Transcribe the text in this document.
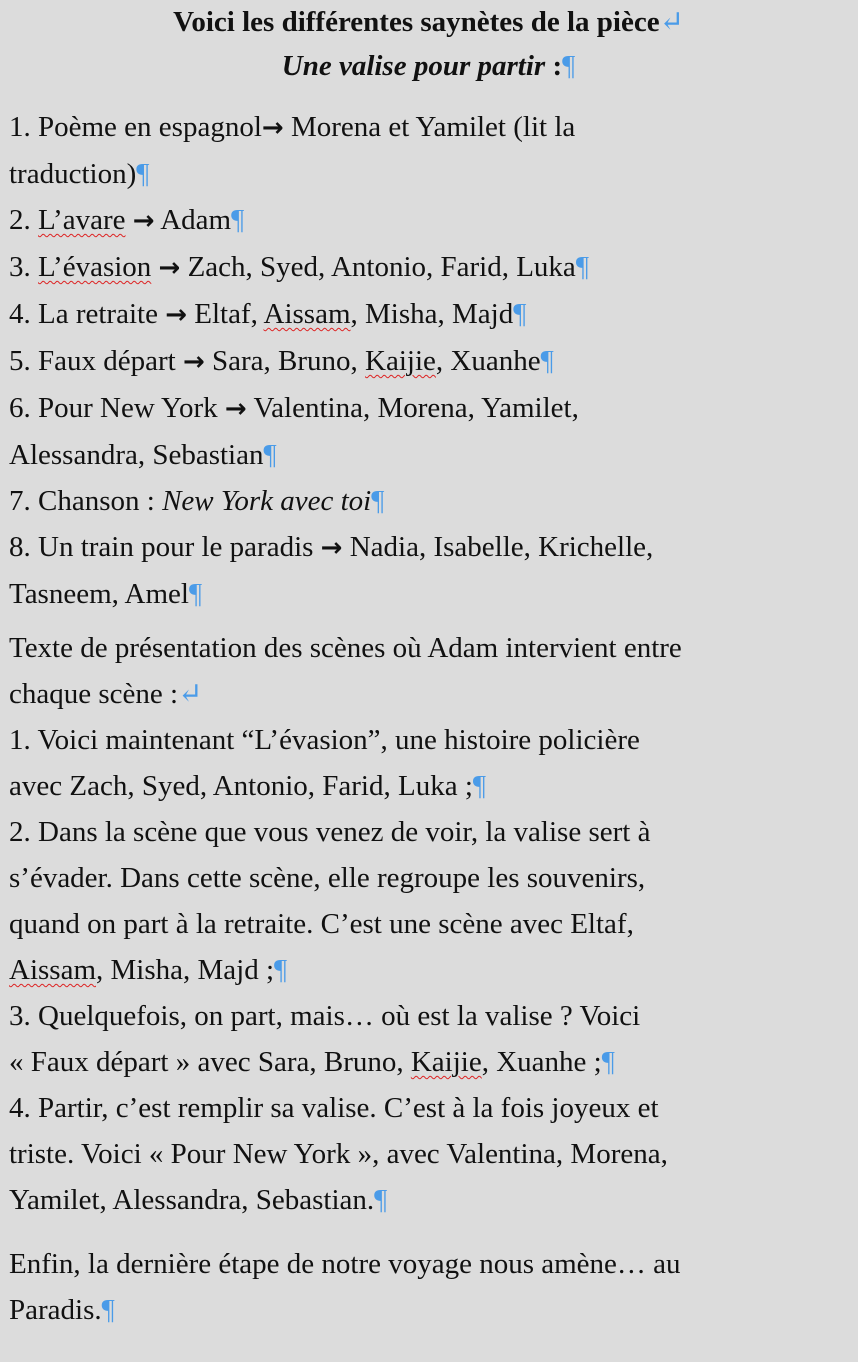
Voici les différentes saynètes de la pièce↵
Une valise pour partir :¶
1. Poème en espagnol→ Morena et Yamilet (lit la
traduction)¶
2. L’avare → Adam¶
3. L’évasion → Zach, Syed, Antonio, Farid, Luka¶
4. La retraite → Eltaf, Aissam, Misha, Majd¶
5. Faux départ → Sara, Bruno, Kaijie, Xuanhe¶
6. Pour New York → Valentina, Morena, Yamilet,
Alessandra, Sebastian¶
7. Chanson : New York avec toi¶
8. Un train pour le paradis → Nadia, Isabelle, Krichelle,
Tasneem, Amel¶
Texte de présentation des scènes où Adam intervient entre
chaque scène :↵
1. Voici maintenant “L’évasion”, une histoire policière
avec Zach, Syed, Antonio, Farid, Luka ;¶
2. Dans la scène que vous venez de voir, la valise sert à
s’évader. Dans cette scène, elle regroupe les souvenirs,
quand on part à la retraite. C’est une scène avec Eltaf,
Aissam, Misha, Majd ;¶
3. Quelquefois, on part, mais… où est la valise ? Voici
« Faux départ » avec Sara, Bruno, Kaijie, Xuanhe ;¶
4. Partir, c’est remplir sa valise. C’est à la fois joyeux et
triste. Voici « Pour New York », avec Valentina, Morena,
Yamilet, Alessandra, Sebastian.¶
Enfin, la dernière étape de notre voyage nous amène… au
Paradis.¶
